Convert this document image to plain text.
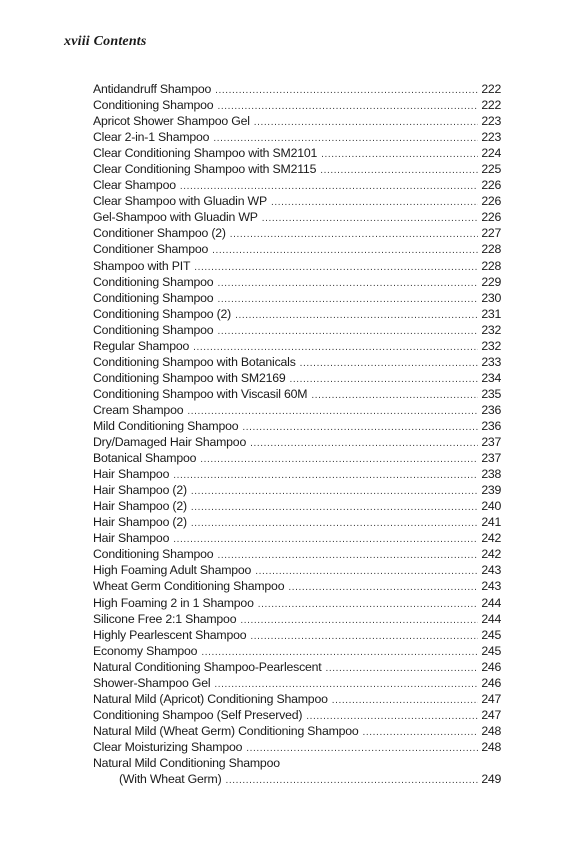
xviii Contents
Antidandruff Shampoo .....	222
Conditioning Shampoo .....	222
Apricot Shower Shampoo Gel .....	223
Clear 2-in-1 Shampoo .....	223
Clear Conditioning Shampoo with SM2101 .....	224
Clear Conditioning Shampoo with SM2115 .....	225
Clear Shampoo .....	226
Clear Shampoo with Gluadin WP .....	226
Gel-Shampoo with Gluadin WP .....	226
Conditioner Shampoo (2) .....	227
Conditioner Shampoo .....	228
Shampoo with PIT .....	228
Conditioning Shampoo .....	229
Conditioning Shampoo .....	230
Conditioning Shampoo (2) .....	231
Conditioning Shampoo .....	232
Regular Shampoo .....	232
Conditioning Shampoo with Botanicals .....	233
Conditioning Shampoo with SM2169 .....	234
Conditioning Shampoo with Viscasil 60M .....	235
Cream Shampoo .....	236
Mild Conditioning Shampoo .....	236
Dry/Damaged Hair Shampoo .....	237
Botanical Shampoo .....	237
Hair Shampoo .....	238
Hair Shampoo (2) .....	239
Hair Shampoo (2) .....	240
Hair Shampoo (2) .....	241
Hair Shampoo .....	242
Conditioning Shampoo .....	242
High Foaming Adult Shampoo .....	243
Wheat Germ Conditioning Shampoo .....	243
High Foaming 2 in 1 Shampoo .....	244
Silicone Free 2:1 Shampoo .....	244
Highly Pearlescent Shampoo .....	245
Economy Shampoo .....	245
Natural Conditioning Shampoo-Pearlescent .....	246
Shower-Shampoo Gel .....	246
Natural Mild (Apricot) Conditioning Shampoo .....	247
Conditioning Shampoo (Self Preserved) .....	247
Natural Mild (Wheat Germ) Conditioning Shampoo .....	248
Clear Moisturizing Shampoo .....	248
Natural Mild Conditioning Shampoo
(With Wheat Germ) .....	249
